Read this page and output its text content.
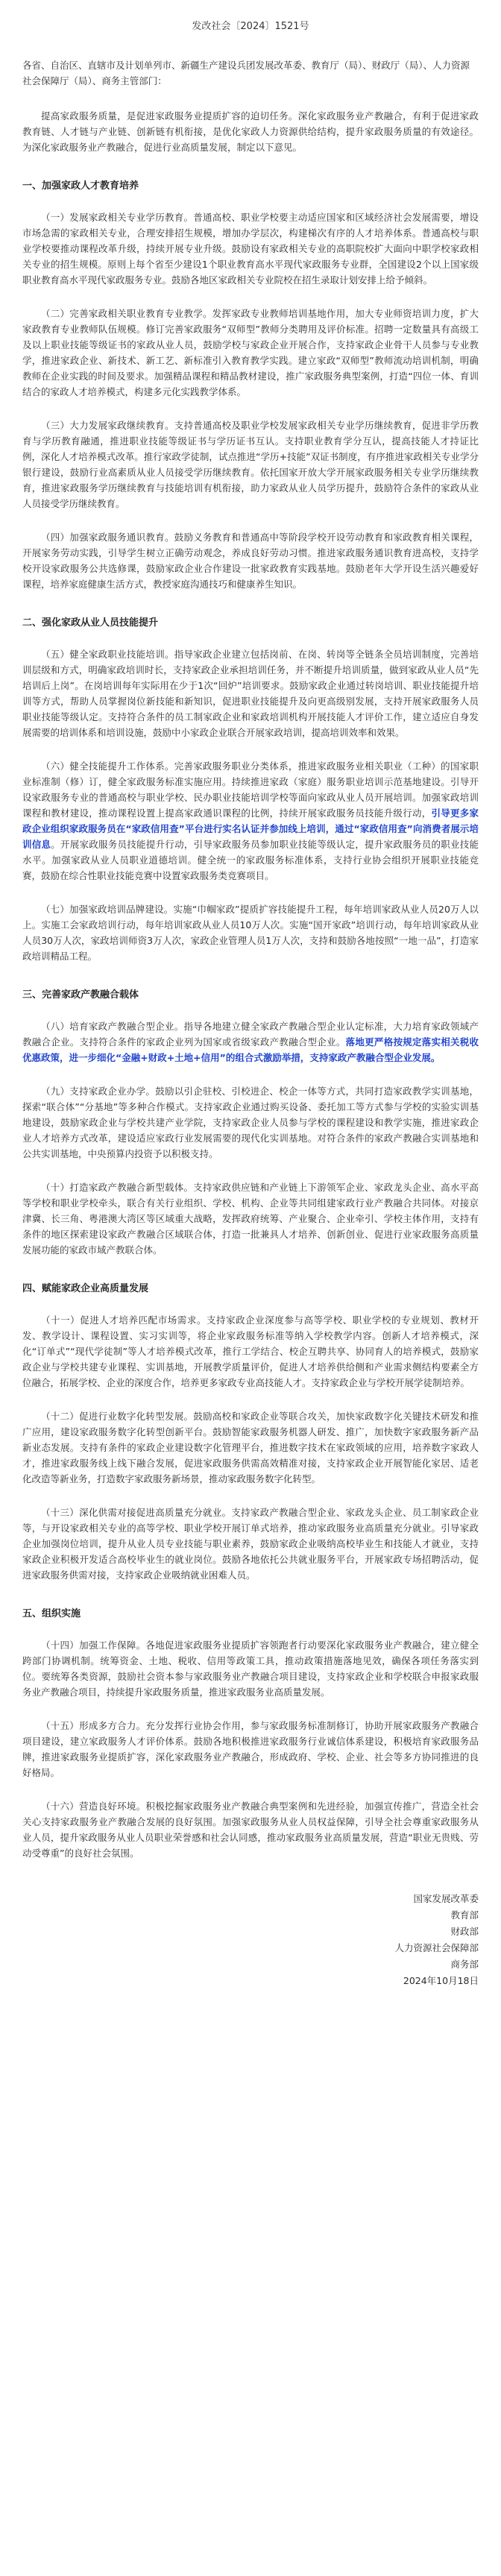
发改社会〔2024〕1521号
各省、自治区、直辖市及计划单列市、新疆生产建设兵团发展改革委、教育厅（局）、财政厅（局）、人力资源社会保障厅（局）、商务主管部门：

提高家政服务质量，是促进家政服务业提质扩容的迫切任务。深化家政服务业产教融合，有利于促进家政教育链、人才链与产业链、创新链有机衔接，是优化家政人力资源供给结构，提升家政服务质量的有效途径。为深化家政服务业产教融合，促进行业高质量发展，制定以下意见。

一、加强家政人才教育培养

（一）发展家政相关专业学历教育。普通高校、职业学校要主动适应国家和区域经济社会发展需要，增设市场急需的家政相关专业，合理安排招生规模，增加办学层次，构建梯次有序的人才培养体系。普通高校与职业学校要推动课程改革升级，持续开展专业升级。鼓励设有家政相关专业的高职院校扩大面向中职学校家政相关专业的招生规模。原则上每个省至少建设1个职业教育高水平现代家政服务专业群，全国建设2个以上国家级职业教育高水平现代家政服务专业。鼓励各地区家政相关专业院校在招生录取计划安排上给予倾斜。

（二）完善家政相关职业教育专业教学。发挥家政专业教师培训基地作用，加大专业师资培训力度，扩大家政教育专业教师队伍规模。修订完善家政服务“双师型”教师分类聘用及评价标准。招聘一定数量具有高级工及以上职业技能等级证书的家政从业人员，鼓励学校与家政企业开展合作，支持家政企业骨干人员参与专业教学，推进家政企业、新技术、新工艺、新标准引入教育教学实践。建立家政“双师型”教师流动培训机制，明确教师在企业实践的时间及要求。加强精品课程和精品教材建设，推广家政服务典型案例，打造“四位一体、育训结合的家政人才培养模式，构建多元化实践教学体系。

（三）大力发展家政继续教育。支持普通高校及职业学校发展家政相关专业学历继续教育，促进非学历教育与学历教育融通，推进职业技能等级证书与学历证书互认。支持职业教育学分互认，提高技能人才持证比例，深化人才培养模式改革。推行家政学徒制，试点推进“学历+技能”双证书制度，有序推进家政相关专业学分银行建设，鼓励行业高素质从业人员接受学历继续教育。依托国家开放大学开展家政服务相关专业学历继续教育，推进家政服务学历继续教育与技能培训有机衔接，助力家政从业人员学历提升，鼓励符合条件的家政从业人员接受学历继续教育。

（四）加强家政服务通识教育。鼓励义务教育和普通高中等阶段学校开设劳动教育和家政教育相关课程，开展家务劳动实践，引导学生树立正确劳动观念，养成良好劳动习惯。推进家政服务通识教育进高校，支持学校开设家政服务公共选修课，鼓励家政企业合作建设一批家政教育实践基地。鼓励老年大学开设生活兴趣爱好课程，培养家庭健康生活方式，教授家庭沟通技巧和健康养生知识。

二、强化家政从业人员技能提升

（五）健全家政职业技能培训。指导家政企业建立包括岗前、在岗、转岗等全链条全员培训制度，完善培训层级和方式，明确家政培训时长，支持家政企业承担培训任务，并不断提升培训质量，做到家政从业人员“先培训后上岗”。在岗培训每年实际用在少于1次“回炉”培训要求。鼓励家政企业通过转岗培训、职业技能提升培训等方式，帮助人员掌握岗位新技能和新知识，促进职业技能提升及向更高级别发展，支持开展家政服务人员职业技能等级认定。支持符合条件的员工制家政企业和家政培训机构开展技能人才评价工作，建立适应自身发展需要的培训体系和培训设施，鼓励中小家政企业联合开展家政培训，提高培训效率和效果。

（六）健全技能提升工作体系。完善家政服务职业分类体系，推进家政服务业相关职业（工种）的国家职业标准制（修）订，健全家政服务标准实施应用。持续推进家政（家庭）服务职业培训示范基地建设。引导开设家政服务专业的普通高校与职业学校、民办职业技能培训学校等面向家政从业人员开展培训。加强家政培训课程和教材建设，推动课程设置上提高家政通识课程的比例，持续开展家政服务员技能升级行动，引导更多家政企业组织家政服务员在“家政信用查”平台进行实名认证并参加线上培训，通过“家政信用查”向消费者展示培训信息。开展家政服务员技能提升行动，引导家政服务员参加职业技能等级认定，提升家政服务员的职业技能水平。加强家政从业人员职业道德培训。健全统一的家政服务标准体系，支持行业协会组织开展职业技能竞赛，鼓励在综合性职业技能竞赛中设置家政服务类竞赛项目。

（七）加强家政培训品牌建设。实施“巾帼家政”提质扩容技能提升工程，每年培训家政从业人员20万人以上。实施工会家政培训行动，每年培训家政从业人员10万人次。实施“国开家政”培训行动，每年培训家政从业人员30万人次，家政培训师资3万人次，家政企业管理人员1万人次，支持和鼓励各地按照“一地一品”，打造家政培训精品工程。

三、完善家政产教融合载体

（八）培育家政产教融合型企业。指导各地建立健全家政产教融合型企业认定标准，大力培育家政领域产教融合企业。支持符合条件的家政企业列为国家或省级家政产教融合型企业。落地更严格按规定落实相关税收优惠政策，进一步细化“金融+财政+土地+信用”的组合式激励举措，支持家政产教融合型企业发展。

（九）支持家政企业办学。鼓励以引企驻校、引校进企、校企一体等方式，共同打造家政教学实训基地，探索“联合体”“分基地”等多种合作模式。支持家政企业通过购买设备、委托加工等方式参与学校的实验实训基地建设，鼓励家政企业与学校共建产业学院，支持家政企业人员参与学校的课程建设和教学实施，推进家政企业人才培养方式改革，建设适应家政行业发展需要的现代化实训基地。对符合条件的家政产教融合实训基地和公共实训基地，中央预算内投资予以积极支持。

（十）打造家政产教融合新型载体。支持家政供应链和产业链上下游领军企业、家政龙头企业、高水平高等学校和职业学校牵头，联合有关行业组织、学校、机构、企业等共同组建家政行业产教融合共同体。对接京津冀、长三角、粤港澳大湾区等区域重大战略，发挥政府统筹、产业聚合、企业牵引、学校主体作用，支持有条件的地区探索建设家政产教融合区域联合体，打造一批兼具人才培养、创新创业、促进行业家政服务高质量发展功能的家政市域产教联合体。

四、赋能家政企业高质量发展

（十一）促进人才培养匹配市场需求。支持家政企业深度参与高等学校、职业学校的专业规划、教材开发、教学设计、课程设置、实习实训等，将企业家政服务标准等纳入学校教学内容。创新人才培养模式，深化“订单式”“现代学徒制”等人才培养模式改革，推行工学结合、校企互聘共享、协同育人的培养模式，鼓励家政企业与学校共建专业课程、实训基地，开展教学质量评价，促进人才培养供给侧和产业需求侧结构要素全方位融合，拓展学校、企业的深度合作，培养更多家政专业高技能人才。支持家政企业与学校开展学徒制培养。

（十二）促进行业数字化转型发展。鼓励高校和家政企业等联合攻关，加快家政数字化关键技术研发和推广应用，建设家政服务数字化转型创新平台。鼓励智能家政服务机器人研发、推广，加快数字家政服务新产品新业态发展。支持有条件的家政企业建设数字化管理平台，推进数字技术在家政领域的应用，培养数字家政人才，推进家政服务线上线下融合发展，促进家政服务供需高效精准对接，支持家政企业开展智能化家居、适老化改造等新业务，打造数字家政服务新场景，推动家政服务数字化转型。

（十三）深化供需对接促进高质量充分就业。支持家政产教融合型企业、家政龙头企业、员工制家政企业等，与开设家政相关专业的高等学校、职业学校开展订单式培养，推动家政服务业高质量充分就业。引导家政企业加强岗位培训，提升从业人员专业技能与职业素养，鼓励家政企业吸纳高校毕业生和技能人才就业，支持家政企业积极开发适合高校毕业生的就业岗位。鼓励各地依托公共就业服务平台，开展家政专场招聘活动，促进家政服务供需对接，支持家政企业吸纳就业困难人员。

五、组织实施

（十四）加强工作保障。各地促进家政服务业提质扩容领跑者行动要深化家政服务业产教融合，建立健全跨部门协调机制。统筹资金、土地、税收、信用等政策工具，推动政策措施落地见效，确保各项任务落实到位。要统筹各类资源，鼓励社会资本参与家政服务业产教融合项目建设，支持家政企业和学校联合申报家政服务业产教融合项目，持续提升家政服务质量，推进家政服务业高质量发展。

（十五）形成多方合力。充分发挥行业协会作用，参与家政服务标准制修订，协助开展家政服务产教融合项目建设，建立家政服务人才评价体系。鼓励各地积极推进家政服务行业诚信体系建设，积极培育家政服务品牌，推进家政服务业提质扩容，深化家政服务业产教融合，形成政府、学校、企业、社会等多方协同推进的良好格局。

（十六）营造良好环境。积极挖掘家政服务业产教融合典型案例和先进经验，加强宣传推广，营造全社会关心支持家政服务业产教融合发展的良好氛围。加强家政服务从业人员权益保障，引导全社会尊重家政服务从业人员，提升家政服务从业人员职业荣誉感和社会认同感，推动家政服务业高质量发展，营造“职业无贵贱、劳动受尊重”的良好社会氛围。

国家发展改革委
教育部
财政部
人力资源社会保障部
商务部
2024年10月18日
